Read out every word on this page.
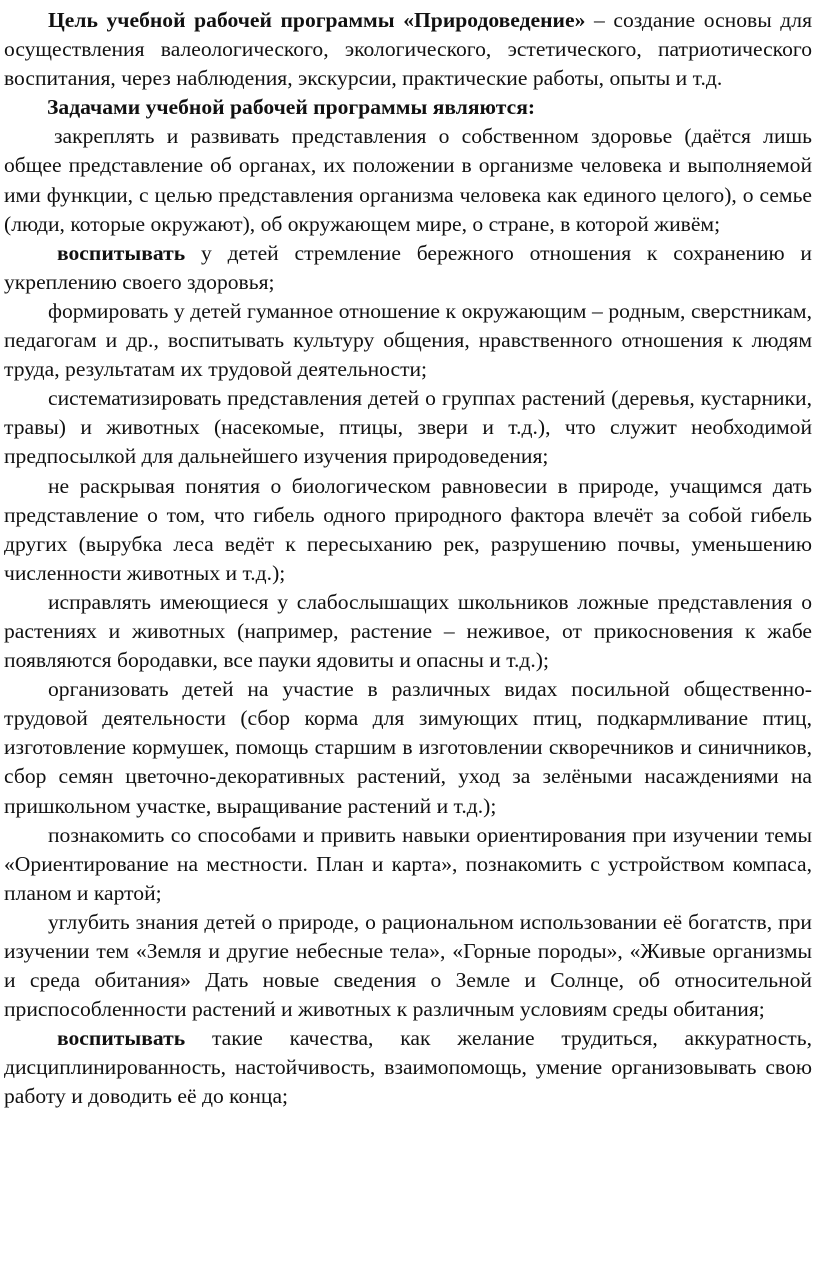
Цель учебной рабочей программы «Природоведение» – создание основы для осуществления валеологического, экологического, эстетического, патриотического воспитания, через наблюдения, экскурсии, практические работы, опыты и т.д.

Задачами учебной рабочей программы являются:

закреплять и развивать представления о собственном здоровье (даётся лишь общее представление об органах, их положении в организме человека и выполняемой ими функции, с целью представления организма человека как единого целого), о семье (люди, которые окружают), об окружающем мире, о стране, в которой живём;

воспитывать у детей стремление бережного отношения к сохранению и укреплению своего здоровья;

формировать у детей гуманное отношение к окружающим – родным, сверстникам, педагогам и др., воспитывать культуру общения, нравственного отношения к людям труда, результатам их трудовой деятельности;

систематизировать представления детей о группах растений (деревья, кустарники, травы) и животных (насекомые, птицы, звери и т.д.), что служит необходимой предпосылкой для дальнейшего изучения природоведения;

не раскрывая понятия о биологическом равновесии в природе, учащимся дать представление о том, что гибель одного природного фактора влечёт за собой гибель других (вырубка леса ведёт к пересыханию рек, разрушению почвы, уменьшению численности животных и т.д.);

исправлять имеющиеся у слабослышащих школьников ложные представления о растениях и животных (например, растение – неживое, от прикосновения к жабе появляются бородавки, все пауки ядовиты и опасны и т.д.);

организовать детей на участие в различных видах посильной общественно-трудовой деятельности (сбор корма для зимующих птиц, подкармливание птиц, изготовление кормушек, помощь старшим в изготовлении скворечников и синичников, сбор семян цветочно-декоративных растений, уход за зелёными насаждениями на пришкольном участке, выращивание растений и т.д.);

познакомить со способами и привить навыки ориентирования при изучении темы «Ориентирование на местности. План и карта», познакомить с устройством компаса, планом и картой;

углубить знания детей о природе, о рациональном использовании её богатств, при изучении тем «Земля и другие небесные тела», «Горные породы», «Живые организмы и среда обитания» Дать новые сведения о Земле и Солнце, об относительной приспособленности растений и животных к различным условиям среды обитания;

воспитывать такие качества, как желание трудиться, аккуратность, дисциплинированность, настойчивость, взаимопомощь, умение организовывать свою работу и доводить её до конца;
